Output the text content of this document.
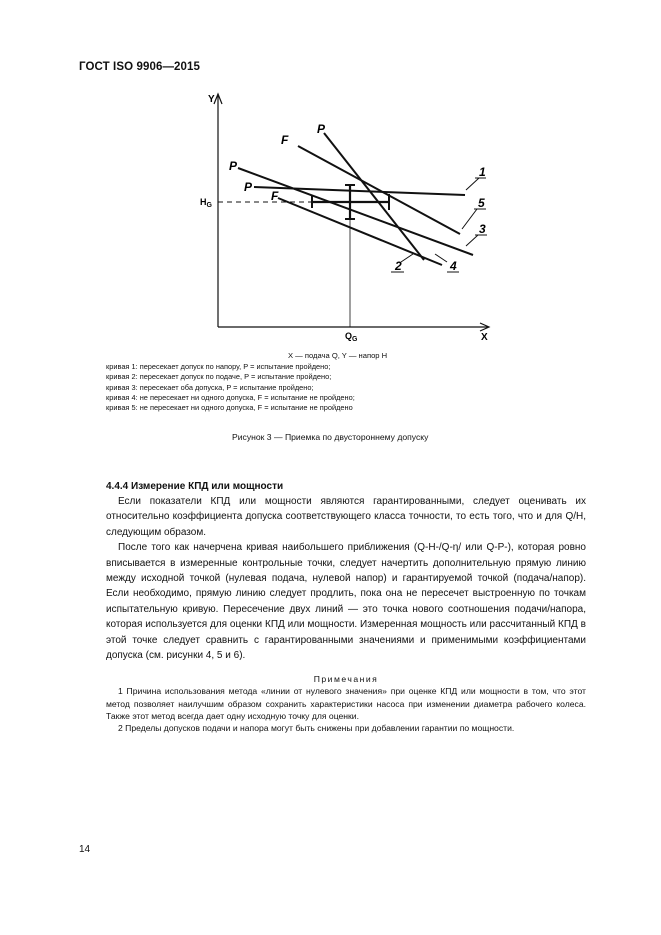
ГОСТ ISO 9906—2015
Y
X
$H_G$
$Q_G$
P
F
P
P
F
1
5
3
2	4
X — подача Q, Y — напор H
кривая 1: пересекает допуск по напору, P = испытание пройдено;
кривая 2: пересекает допуск по подаче, P = испытание пройдено;
кривая 3: пересекает оба допуска, P = испытание пройдено;
кривая 4: не пересекает ни одного допуска, F = испытание не пройдено;
кривая 5: не пересекает ни одного допуска, F = испытание не пройдено
Рисунок 3 — Приемка по двустороннему допуску
4.4.4 Измерение КПД или мощности

Если показатели КПД или мощности являются гарантированными, следует оценивать их относительно коэффициента допуска соответствующего класса точности, то есть того, что и для Q/H, следующим образом.

После того как начерчена кривая наибольшего приближения (Q-H-/Q-η/ или Q-P-), которая ровно вписывается в измеренные контрольные точки, следует начертить дополнительную прямую линию между исходной точкой (нулевая подача, нулевой напор) и гарантируемой точкой (подача/напор). Если необходимо, прямую линию следует продлить, пока она не пересечет выстроенную по точкам испытательную кривую. Пересечение двух линий — это точка нового соотношения подачи/напора, которая используется для оценки КПД или мощности. Измеренная мощность или рассчитанный КПД в этой точке следует сравнить с гарантированными значениями и применимыми коэффициентами допуска (см. рисунки 4, 5 и 6).

Примечания

1 Причина использования метода «линии от нулевого значения» при оценке КПД или мощности в том, что этот метод позволяет наилучшим образом сохранить характеристики насоса при изменении диаметра рабочего колеса. Также этот метод всегда дает одну исходную точку для оценки.

2 Пределы допусков подачи и напора могут быть снижены при добавлении гарантии по мощности.

14
